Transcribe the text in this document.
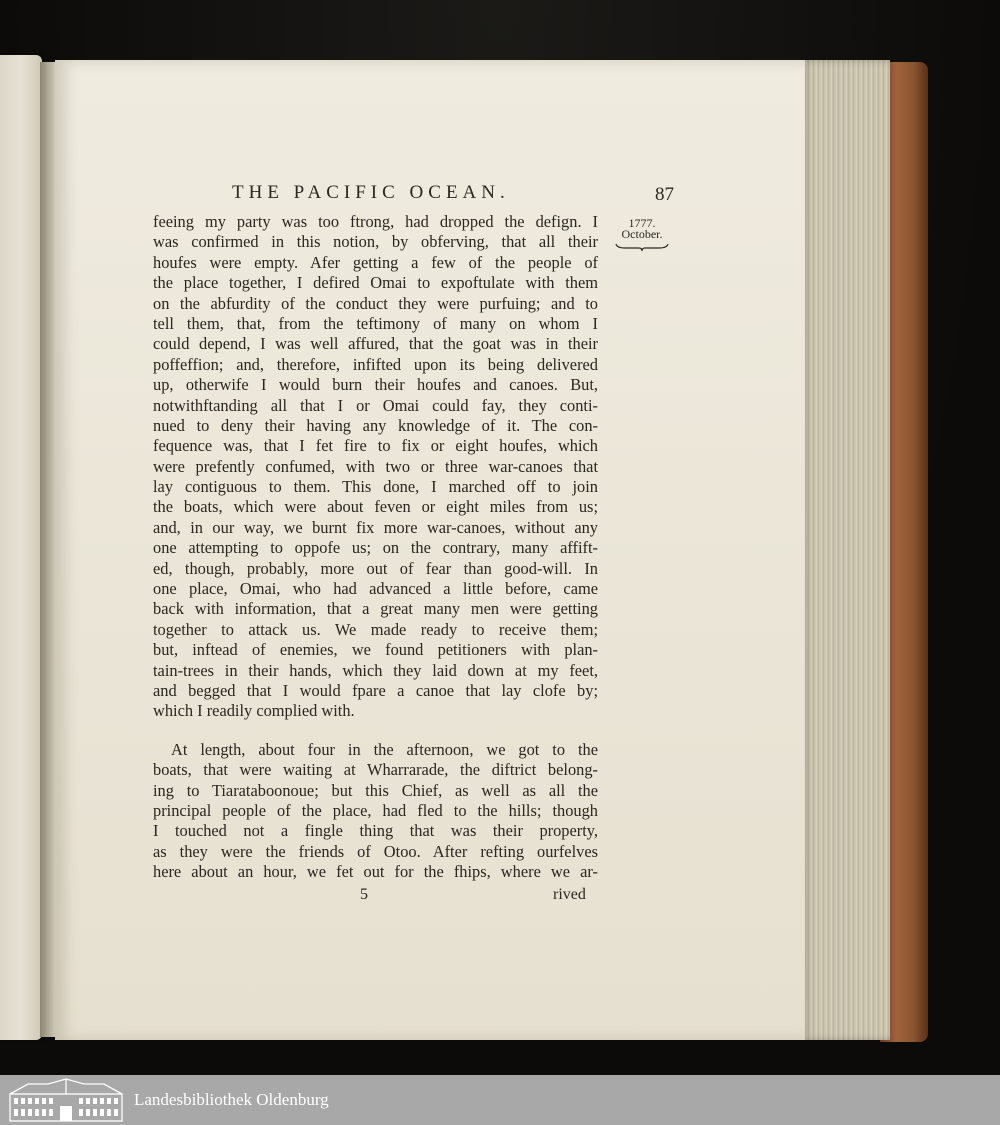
THE PACIFIC OCEAN.	87
1777.
October.
feeing my party was too ftrong, had dropped the defign. I
was confirmed in this notion, by obferving, that all their
houfes were empty. Afer getting a few of the people of
the place together, I defired Omai to expoftulate with them
on the abfurdity of the conduct they were purfuing; and to
tell them, that, from the teftimony of many on whom I
could depend, I was well affured, that the goat was in their
poffeffion; and, therefore, infifted upon its being delivered
up, otherwife I would burn their houfes and canoes. But,
notwithftanding all that I or Omai could fay, they conti-
nued to deny their having any knowledge of it. The con-
fequence was, that I fet fire to fix or eight houfes, which
were prefently confumed, with two or three war-canoes that
lay contiguous to them. This done, I marched off to join
the boats, which were about feven or eight miles from us;
and, in our way, we burnt fix more war-canoes, without any
one attempting to oppofe us; on the contrary, many affift-
ed, though, probably, more out of fear than good-will. In
one place, Omai, who had advanced a little before, came
back with information, that a great many men were getting
together to attack us. We made ready to receive them;
but, inftead of enemies, we found petitioners with plan-
tain-trees in their hands, which they laid down at my feet,
and begged that I would fpare a canoe that lay clofe by;
which I readily complied with.
At length, about four in the afternoon, we got to the
boats, that were waiting at Wharrarade, the diftrict belong-
ing to Tiarataboonoue; but this Chief, as well as all the
principal people of the place, had fled to the hills; though
I touched not a fingle thing that was their property,
as they were the friends of Otoo. After refting ourfelves
here about an hour, we fet out for the fhips, where we ar-
5	rived
Landesbibliothek Oldenburg
